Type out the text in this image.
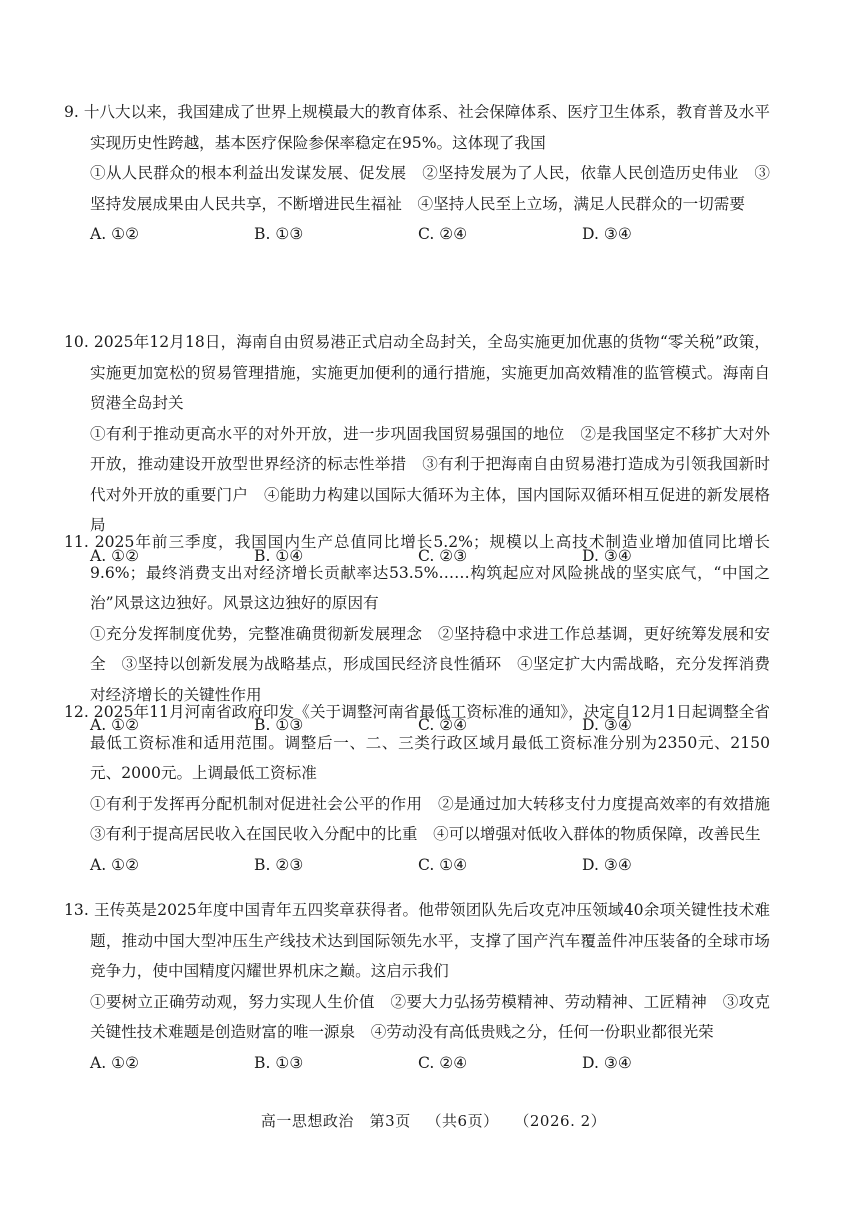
9. 十八大以来，我国建成了世界上规模最大的教育体系、社会保障体系、医疗卫生体系，教育普及水平实现历史性跨越，基本医疗保险参保率稳定在95%。这体现了我国
①从人民群众的根本利益出发谋发展、促发展　②坚持发展为了人民，依靠人民创造历史伟业　③坚持发展成果由人民共享，不断增进民生福祉　④坚持人民至上立场，满足人民群众的一切需要
A. ①②	B. ①③	C. ②④	D. ③④
10. 2025年12月18日，海南自由贸易港正式启动全岛封关，全岛实施更加优惠的货物“零关税”政策，实施更加宽松的贸易管理措施，实施更加便利的通行措施，实施更加高效精准的监管模式。海南自贸港全岛封关
①有利于推动更高水平的对外开放，进一步巩固我国贸易强国的地位　②是我国坚定不移扩大对外开放，推动建设开放型世界经济的标志性举措　③有利于把海南自由贸易港打造成为引领我国新时代对外开放的重要门户　④能助力构建以国际大循环为主体，国内国际双循环相互促进的新发展格局
A. ①②	B. ①④	C. ②③	D. ③④
11. 2025年前三季度，我国国内生产总值同比增长5.2%；规模以上高技术制造业增加值同比增长9.6%；最终消费支出对经济增长贡献率达53.5%……构筑起应对风险挑战的坚实底气，“中国之治”风景这边独好。风景这边独好的原因有
①充分发挥制度优势，完整准确贯彻新发展理念　②坚持稳中求进工作总基调，更好统筹发展和安全　③坚持以创新发展为战略基点，形成国民经济良性循环　④坚定扩大内需战略，充分发挥消费对经济增长的关键性作用
A. ①②	B. ①③	C. ②④	D. ③④
12. 2025年11月河南省政府印发《关于调整河南省最低工资标准的通知》，决定自12月1日起调整全省最低工资标准和适用范围。调整后一、二、三类行政区域月最低工资标准分别为2350元、2150元、2000元。上调最低工资标准
①有利于发挥再分配机制对促进社会公平的作用　②是通过加大转移支付力度提高效率的有效措施　③有利于提高居民收入在国民收入分配中的比重　④可以增强对低收入群体的物质保障，改善民生
A. ①②	B. ②③	C. ①④	D. ③④
13. 王传英是2025年度中国青年五四奖章获得者。他带领团队先后攻克冲压领域40余项关键性技术难题，推动中国大型冲压生产线技术达到国际领先水平，支撑了国产汽车覆盖件冲压装备的全球市场竞争力，使中国精度闪耀世界机床之巅。这启示我们
①要树立正确劳动观，努力实现人生价值　②要大力弘扬劳模精神、劳动精神、工匠精神　③攻克关键性技术难题是创造财富的唯一源泉　④劳动没有高低贵贱之分，任何一份职业都很光荣
A. ①②	B. ①③	C. ②④	D. ③④
高一思想政治 第3页 （共6页） （2026. 2）
